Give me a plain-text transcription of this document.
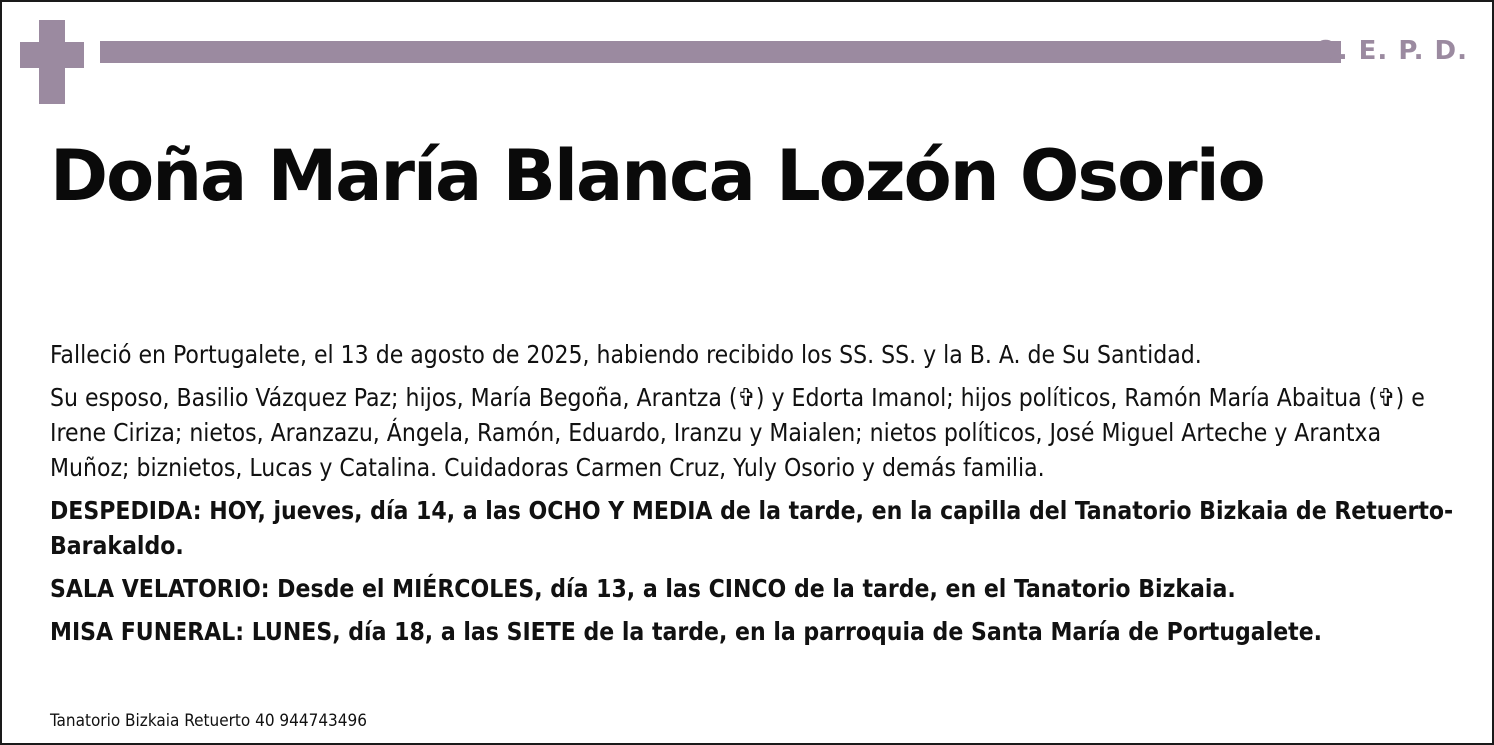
Q. E. P. D.
Doña María Blanca Lozón Osorio

Falleció en Portugalete, el 13 de agosto de 2025, habiendo recibido los SS. SS. y la B. A. de Su Santidad.

Su esposo, Basilio Vázquez Paz; hijos, María Begoña, Arantza (✞) y Edorta Imanol; hijos políticos, Ramón María Abaitua (✞) e Irene Ciriza; nietos, Aranzazu, Ángela, Ramón, Eduardo, Iranzu y Maialen; nietos políticos, José Miguel Arteche y Arantxa Muñoz; biznietos, Lucas y Catalina. Cuidadoras Carmen Cruz, Yuly Osorio y demás familia.

DESPEDIDA: HOY, jueves, día 14, a las OCHO Y MEDIA de la tarde, en la capilla del Tanatorio Bizkaia de Retuerto-Barakaldo.

SALA VELATORIO: Desde el MIÉRCOLES, día 13, a las CINCO de la tarde, en el Tanatorio Bizkaia.

MISA FUNERAL: LUNES, día 18, a las SIETE de la tarde, en la parroquia de Santa María de Portugalete.

Tanatorio Bizkaia Retuerto 40 944743496
